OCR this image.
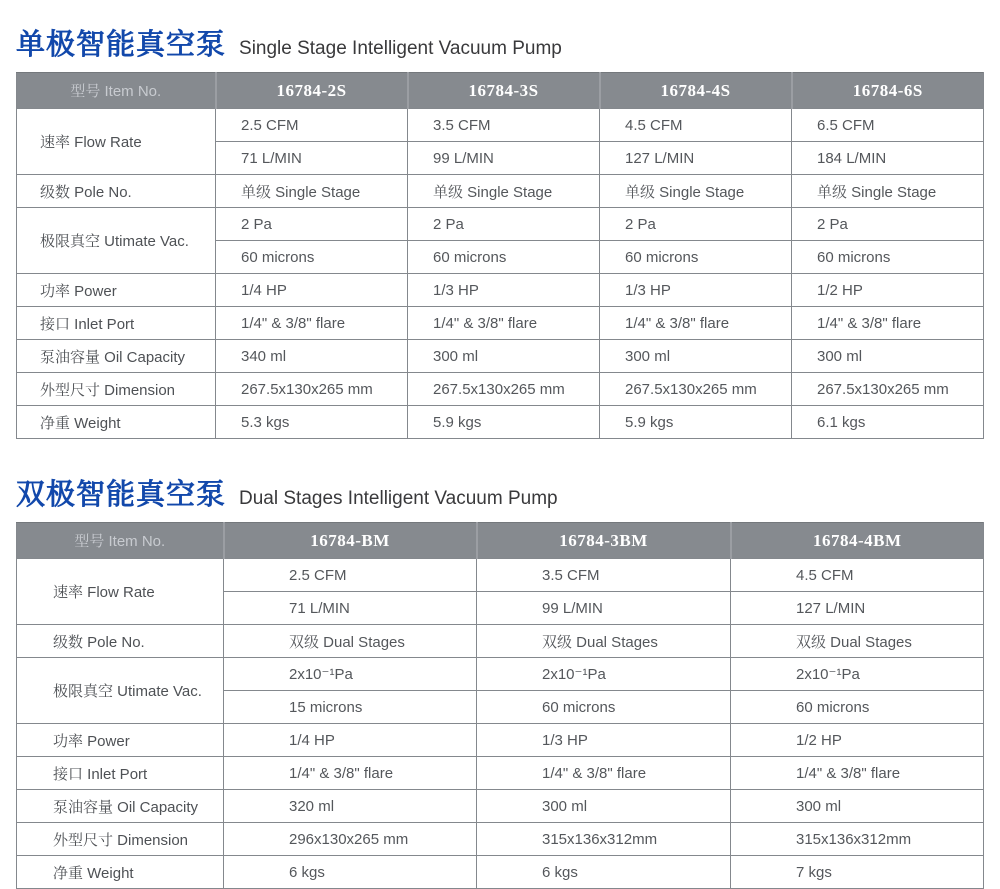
单极智能真空泵 Single Stage Intelligent Vacuum Pump
型号 Item No.	16784-2S	16784-3S	16784-4S	16784-6S
速率 Flow Rate	2.5 CFM	3.5 CFM	4.5 CFM	6.5 CFM
	71 L/MIN	99 L/MIN	127 L/MIN	184 L/MIN
级数 Pole No.	单级 Single Stage	单级 Single Stage	单级 Single Stage	单级 Single Stage
极限真空 Utimate Vac.	2 Pa	2 Pa	2 Pa	2 Pa
	60 microns	60 microns	60 microns	60 microns
功率 Power	1/4 HP	1/3 HP	1/3 HP	1/2 HP
接口 Inlet Port	1/4" & 3/8" flare	1/4" & 3/8" flare	1/4" & 3/8" flare	1/4" & 3/8" flare
泵油容量 Oil Capacity	340 ml	300 ml	300 ml	300 ml
外型尺寸 Dimension	267.5x130x265 mm	267.5x130x265 mm	267.5x130x265 mm	267.5x130x265 mm
净重 Weight	5.3 kgs	5.9 kgs	5.9 kgs	6.1 kgs
双极智能真空泵 Dual Stages Intelligent Vacuum Pump
型号 Item No.	16784-BM	16784-3BM	16784-4BM
速率 Flow Rate	2.5 CFM	3.5 CFM	4.5 CFM
	71 L/MIN	99 L/MIN	127 L/MIN
级数 Pole No.	双级 Dual Stages	双级 Dual Stages	双级 Dual Stages
极限真空 Utimate Vac.	2x10⁻¹Pa	2x10⁻¹Pa	2x10⁻¹Pa
	15 microns	60 microns	60 microns
功率 Power	1/4 HP	1/3 HP	1/2 HP
接口 Inlet Port	1/4" & 3/8" flare	1/4" & 3/8" flare	1/4" & 3/8" flare
泵油容量 Oil Capacity	320 ml	300 ml	300 ml
外型尺寸 Dimension	296x130x265 mm	315x136x312mm	315x136x312mm
净重 Weight	6 kgs	6 kgs	7 kgs
